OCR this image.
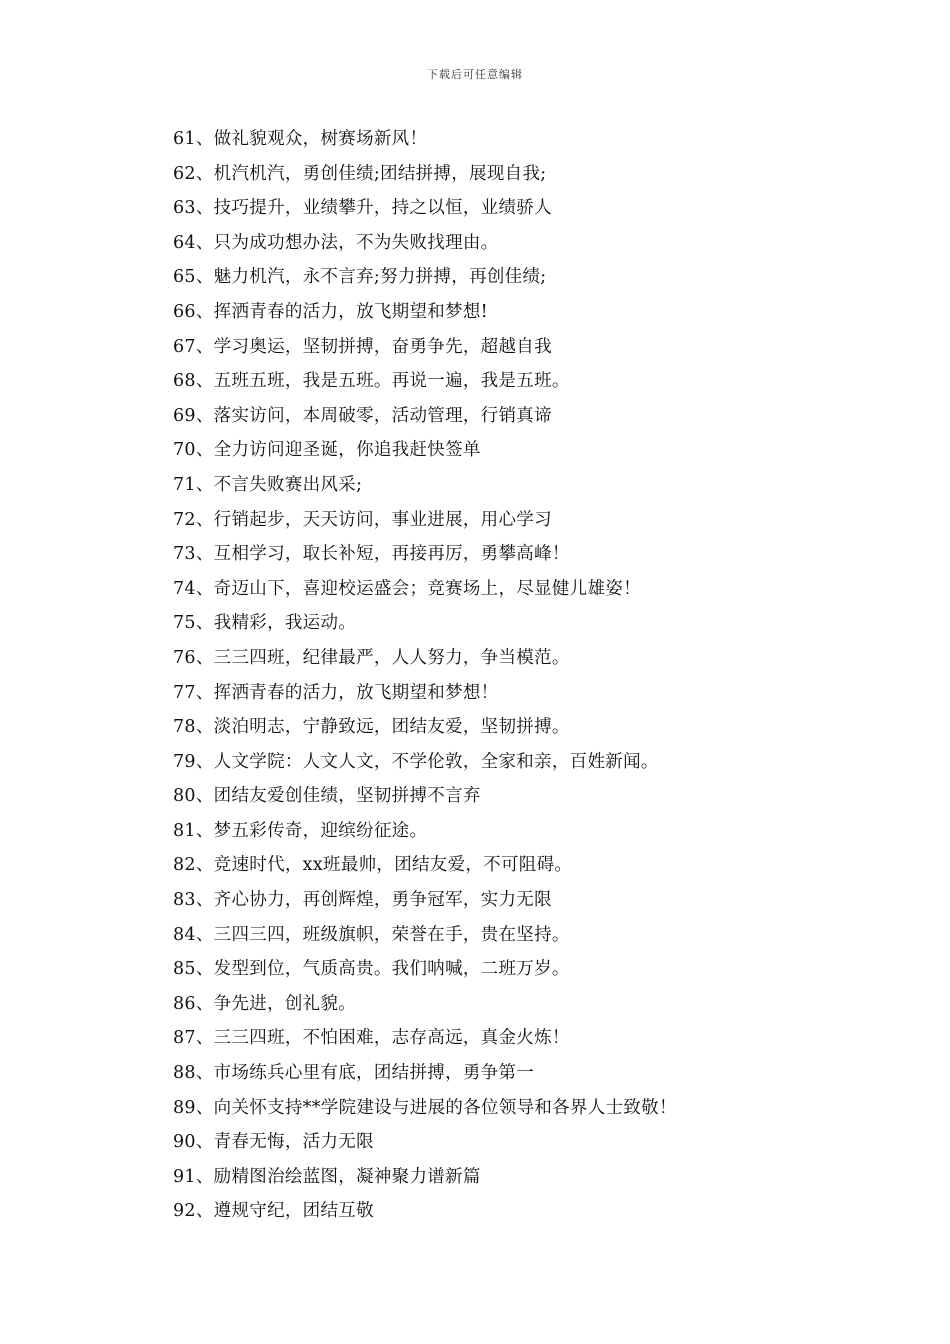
下载后可任意编辑
61、做礼貌观众，树赛场新风！
62、机汽机汽，勇创佳绩;团结拼搏，展现自我;
63、技巧提升，业绩攀升，持之以恒，业绩骄人
64、只为成功想办法，不为失败找理由。
65、魅力机汽，永不言弃;努力拼搏，再创佳绩;
66、挥洒青春的活力，放飞期望和梦想!
67、学习奥运，坚韧拼搏，奋勇争先，超越自我
68、五班五班，我是五班。再说一遍，我是五班。
69、落实访问，本周破零，活动管理，行销真谛
70、全力访问迎圣诞，你追我赶快签单
71、不言失败赛出风采;
72、行销起步，天天访问，事业进展，用心学习
73、互相学习，取长补短，再接再厉，勇攀高峰！
74、奇迈山下，喜迎校运盛会；竞赛场上，尽显健儿雄姿！
75、我精彩，我运动。
76、三三四班，纪律最严，人人努力，争当模范。
77、挥洒青春的活力，放飞期望和梦想！
78、淡泊明志，宁静致远，团结友爱，坚韧拼搏。
79、人文学院：人文人文，不学伦敦，全家和亲，百姓新闻。
80、团结友爱创佳绩，坚韧拼搏不言弃
81、梦五彩传奇，迎缤纷征途。
82、竞速时代，xx班最帅，团结友爱，不可阻碍。
83、齐心协力，再创辉煌，勇争冠军，实力无限
84、三四三四，班级旗帜，荣誉在手，贵在坚持。
85、发型到位，气质高贵。我们呐喊，二班万岁。
86、争先进，创礼貌。
87、三三四班，不怕困难，志存高远，真金火炼！
88、市场练兵心里有底，团结拼搏，勇争第一
89、向关怀支持**学院建设与进展的各位领导和各界人士致敬！
90、青春无悔，活力无限
91、励精图治绘蓝图，凝神聚力谱新篇
92、遵规守纪，团结互敬
